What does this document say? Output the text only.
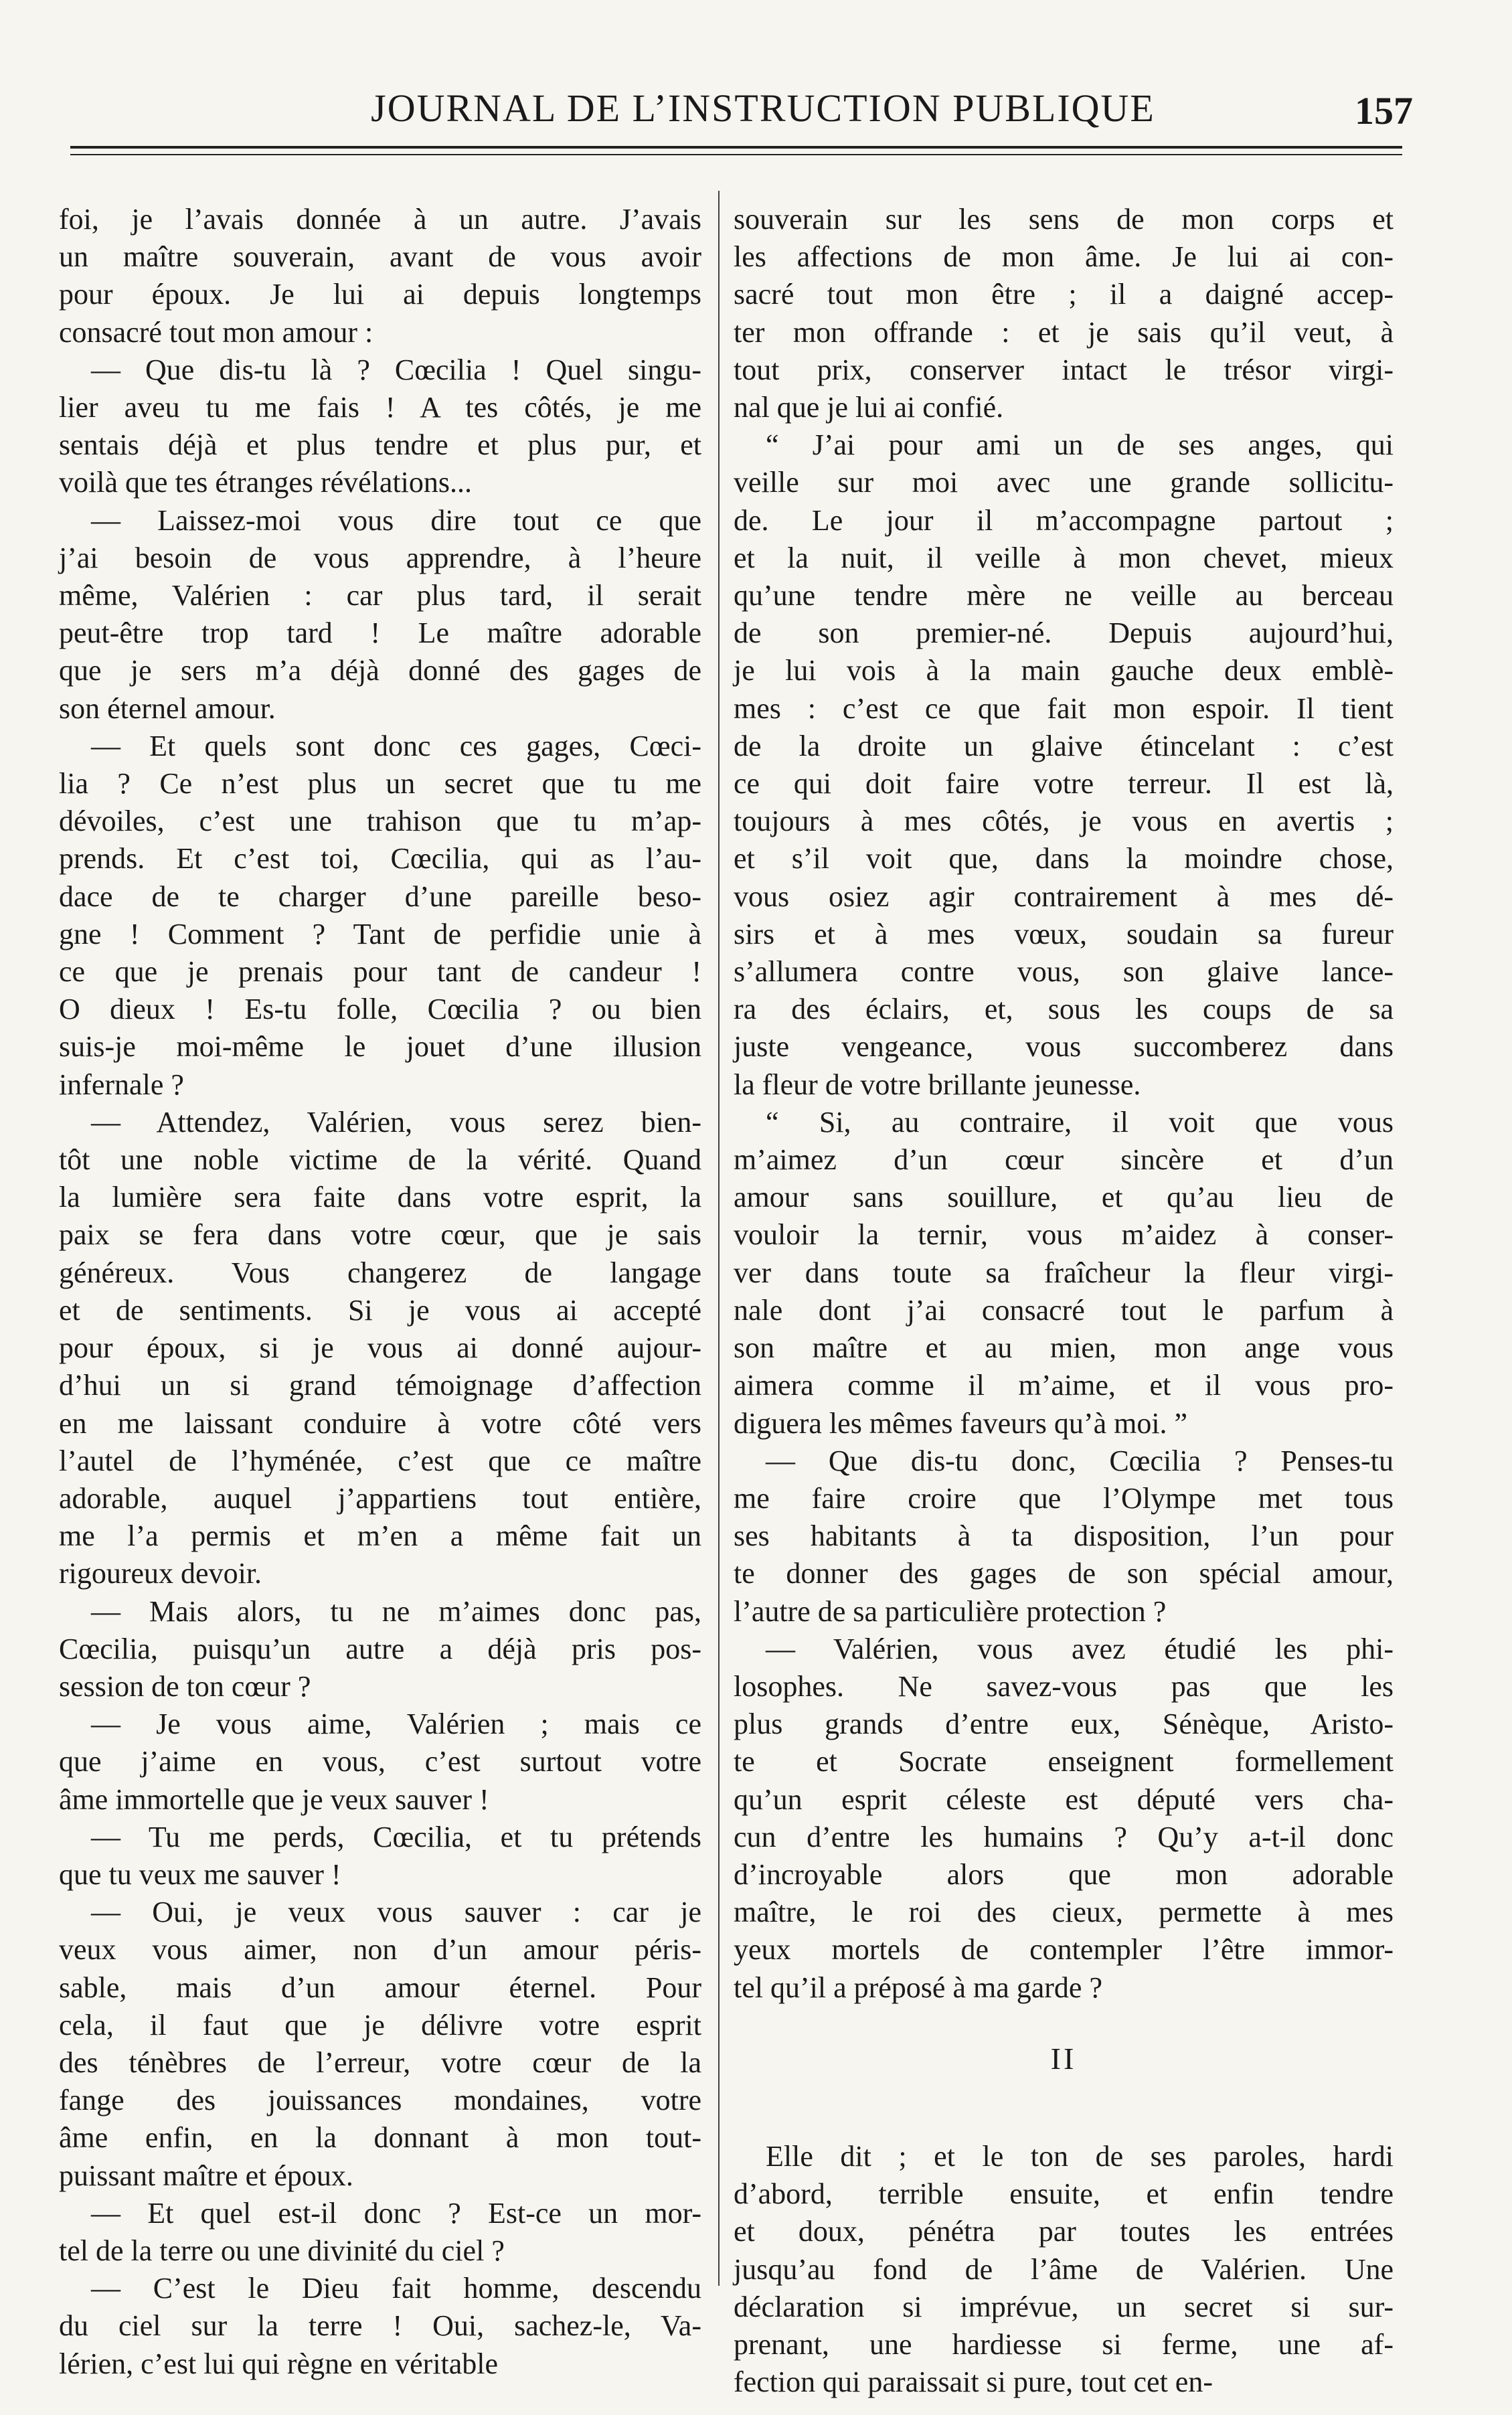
JOURNAL DE L’INSTRUCTION PUBLIQUE	157

foi, je l’avais donnée à un autre. J’avais
un maître souverain, avant de vous avoir
pour époux. Je lui ai depuis longtemps
consacré tout mon amour :

— Que dis-tu là ? Cœcilia ! Quel singu-
lier aveu tu me fais ! A tes côtés, je me
sentais déjà et plus tendre et plus pur, et
voilà que tes étranges révélations...

— Laissez-moi vous dire tout ce que
j’ai besoin de vous apprendre, à l’heure
même, Valérien : car plus tard, il serait
peut-être trop tard ! Le maître adorable
que je sers m’a déjà donné des gages de
son éternel amour.

— Et quels sont donc ces gages, Cœci-
lia ? Ce n’est plus un secret que tu me
dévoiles, c’est une trahison que tu m’ap-
prends. Et c’est toi, Cœcilia, qui as l’au-
dace de te charger d’une pareille beso-
gne ! Comment ? Tant de perfidie unie à
ce que je prenais pour tant de candeur !
O dieux ! Es-tu folle, Cœcilia ? ou bien
suis-je moi-même le jouet d’une illusion
infernale ?

— Attendez, Valérien, vous serez bien-
tôt une noble victime de la vérité. Quand
la lumière sera faite dans votre esprit, la
paix se fera dans votre cœur, que je sais
généreux. Vous changerez de langage
et de sentiments. Si je vous ai accepté
pour époux, si je vous ai donné aujour-
d’hui un si grand témoignage d’affection
en me laissant conduire à votre côté vers
l’autel de l’hyménée, c’est que ce maître
adorable, auquel j’appartiens tout entière,
me l’a permis et m’en a même fait un
rigoureux devoir.

— Mais alors, tu ne m’aimes donc pas,
Cœcilia, puisqu’un autre a déjà pris pos-
session de ton cœur ?

— Je vous aime, Valérien ; mais ce
que j’aime en vous, c’est surtout votre
âme immortelle que je veux sauver !

— Tu me perds, Cœcilia, et tu prétends
que tu veux me sauver !

— Oui, je veux vous sauver : car je
veux vous aimer, non d’un amour péris-
sable, mais d’un amour éternel. Pour
cela, il faut que je délivre votre esprit
des ténèbres de l’erreur, votre cœur de la
fange des jouissances mondaines, votre
âme enfin, en la donnant à mon tout-
puissant maître et époux.

— Et quel est-il donc ? Est-ce un mor-
tel de la terre ou une divinité du ciel ?

— C’est le Dieu fait homme, descendu
du ciel sur la terre ! Oui, sachez-le, Va-
lérien, c’est lui qui règne en véritable

souverain sur les sens de mon corps et
les affections de mon âme. Je lui ai con-
sacré tout mon être ; il a daigné accep-
ter mon offrande : et je sais qu’il veut, à
tout prix, conserver intact le trésor virgi-
nal que je lui ai confié.

“ J’ai pour ami un de ses anges, qui
veille sur moi avec une grande sollicitu-
de. Le jour il m’accompagne partout ;
et la nuit, il veille à mon chevet, mieux
qu’une tendre mère ne veille au berceau
de son premier-né. Depuis aujourd’hui,
je lui vois à la main gauche deux emblè-
mes : c’est ce que fait mon espoir. Il tient
de la droite un glaive étincelant : c’est
ce qui doit faire votre terreur. Il est là,
toujours à mes côtés, je vous en avertis ;
et s’il voit que, dans la moindre chose,
vous osiez agir contrairement à mes dé-
sirs et à mes vœux, soudain sa fureur
s’allumera contre vous, son glaive lance-
ra des éclairs, et, sous les coups de sa
juste vengeance, vous succomberez dans
la fleur de votre brillante jeunesse.

“ Si, au contraire, il voit que vous
m’aimez d’un cœur sincère et d’un
amour sans souillure, et qu’au lieu de
vouloir la ternir, vous m’aidez à conser-
ver dans toute sa fraîcheur la fleur virgi-
nale dont j’ai consacré tout le parfum à
son maître et au mien, mon ange vous
aimera comme il m’aime, et il vous pro-
diguera les mêmes faveurs qu’à moi. ”

— Que dis-tu donc, Cœcilia ? Penses-tu
me faire croire que l’Olympe met tous
ses habitants à ta disposition, l’un pour
te donner des gages de son spécial amour,
l’autre de sa particulière protection ?

— Valérien, vous avez étudié les phi-
losophes. Ne savez-vous pas que les
plus grands d’entre eux, Sénèque, Aristo-
te et Socrate enseignent formellement
qu’un esprit céleste est député vers cha-
cun d’entre les humains ? Qu’y a-t-il donc
d’incroyable alors que mon adorable
maître, le roi des cieux, permette à mes
yeux mortels de contempler l’être immor-
tel qu’il a préposé à ma garde ?

II

Elle dit ; et le ton de ses paroles, hardi
d’abord, terrible ensuite, et enfin tendre
et doux, pénétra par toutes les entrées
jusqu’au fond de l’âme de Valérien. Une
déclaration si imprévue, un secret si sur-
prenant, une hardiesse si ferme, une af-
fection qui paraissait si pure, tout cet en-
